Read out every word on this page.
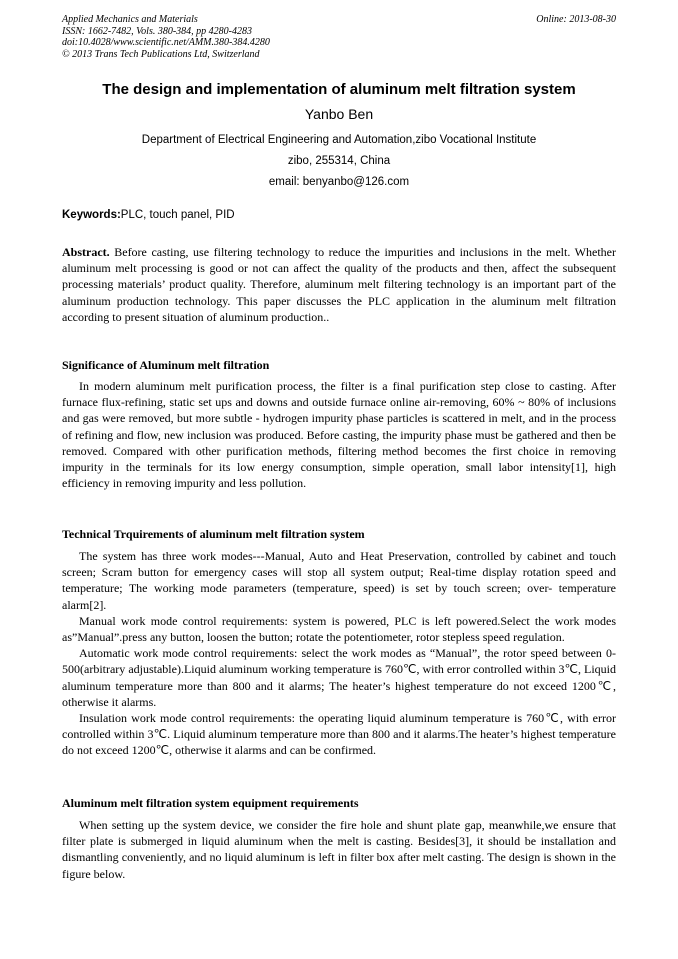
Applied Mechanics and Materials
ISSN: 1662-7482, Vols. 380-384, pp 4280-4283
doi:10.4028/www.scientific.net/AMM.380-384.4280
© 2013 Trans Tech Publications Ltd, Switzerland
Online: 2013-08-30
The design and implementation of aluminum melt filtration system
Yanbo Ben
Department of Electrical Engineering and Automation,zibo Vocational Institute
zibo, 255314, China
email: benyanbo@126.com
Keywords:PLC, touch panel, PID

Abstract. Before casting, use filtering technology to reduce the impurities and inclusions in the melt. Whether aluminum melt processing is good or not can affect the quality of the products and then, affect the subsequent processing materials’ product quality. Therefore, aluminum melt filtering technology is an important part of the aluminum production technology. This paper discusses the PLC application in the aluminum melt filtration according to present situation of aluminum production..

Significance of Aluminum melt filtration

In modern aluminum melt purification process, the filter is a final purification step close to casting. After furnace flux-refining, static set ups and downs and outside furnace online air-removing, 60% ~ 80% of inclusions and gas were removed, but more subtle - hydrogen impurity phase particles is scattered in melt, and in the process of refining and flow, new inclusion was produced. Before casting, the impurity phase must be gathered and then be removed. Compared with other purification methods, filtering method becomes the first choice in removing impurity in the terminals for its low energy consumption, simple operation, small labor intensity[1], high efficiency in removing impurity and less pollution.

Technical Trquirements of aluminum melt filtration system

The system has three work modes---Manual, Auto and Heat Preservation, controlled by cabinet and touch screen; Scram button for emergency cases will stop all system output; Real-time display rotation speed and temperature; The working mode parameters (temperature, speed) is set by touch screen; over- temperature alarm[2].

Manual work mode control requirements: system is powered, PLC is left powered.Select the work modes as”Manual”.press any button, loosen the button; rotate the potentiometer, rotor stepless speed regulation.

Automatic work mode control requirements: select the work modes as “Manual”, the rotor speed between 0-500(arbitrary adjustable).Liquid aluminum working temperature is 760℃, with error controlled within 3℃, Liquid aluminum temperature more than 800 and it alarms; The heater’s highest temperature do not exceed 1200℃, otherwise it alarms.

Insulation work mode control requirements: the operating liquid aluminum temperature is 760℃, with error controlled within 3℃. Liquid aluminum temperature more than 800 and it alarms.The heater’s highest temperature do not exceed 1200℃, otherwise it alarms and can be confirmed.

Aluminum melt filtration system equipment requirements

When setting up the system device, we consider the fire hole and shunt plate gap, meanwhile,we ensure that filter plate is submerged in liquid aluminum when the melt is casting. Besides[3], it should be installation and dismantling conveniently, and no liquid aluminum is left in filter box after melt casting. The design is shown in the figure below.
